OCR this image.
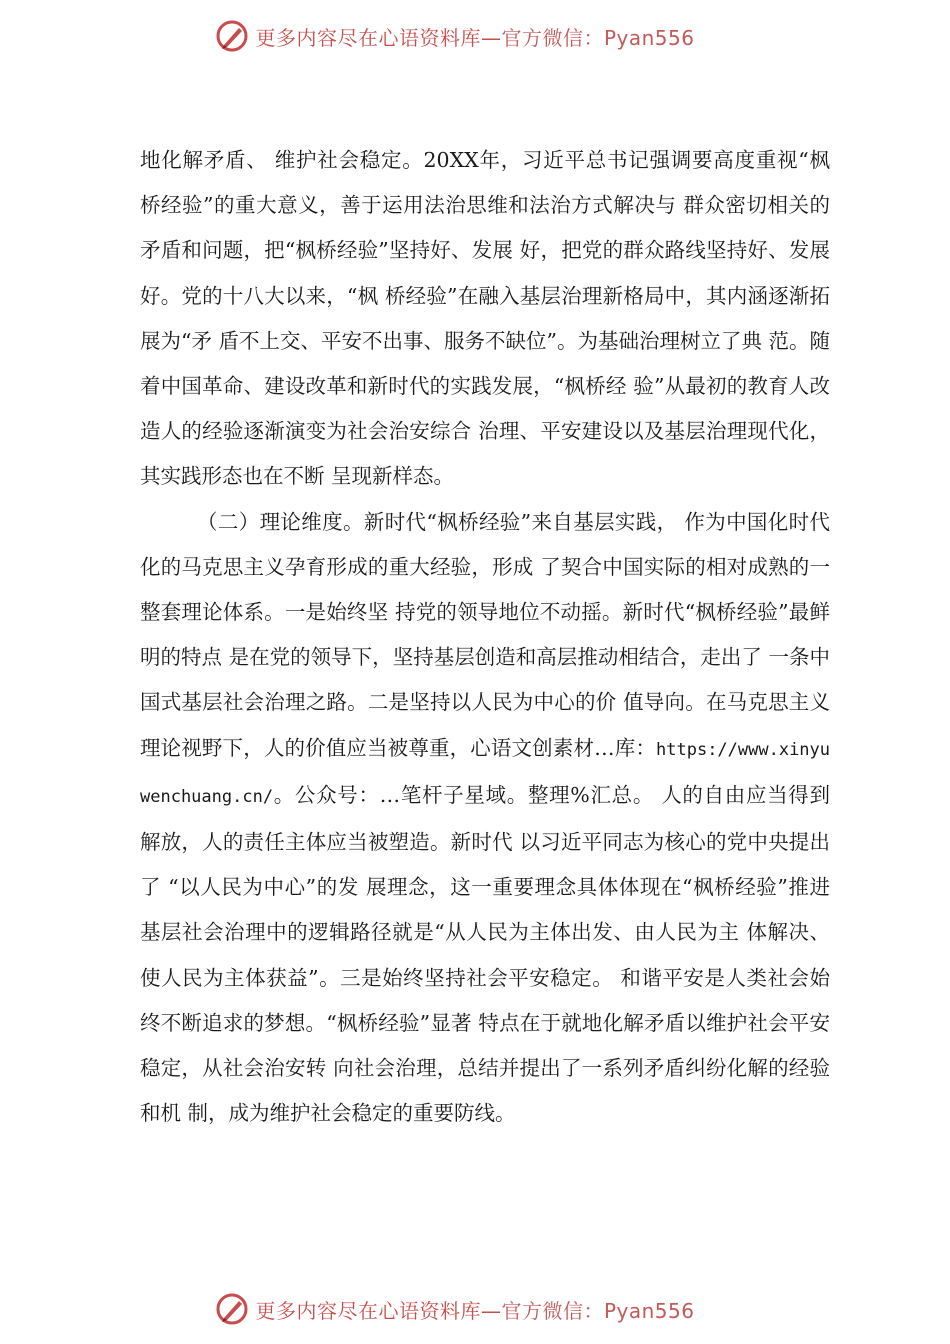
更多内容尽在心语资料库—官方微信：Pyan556

地化解矛盾、 维护社会稳定。20XX年，习近平总书记强调要高度重视“枫 桥经验”的重大意义，善于运用法治思维和法治方式解决与 群众密切相关的矛盾和问题，把“枫桥经验”坚持好、发展 好，把党的群众路线坚持好、发展好。党的十八大以来，“枫 桥经验”在融入基层治理新格局中，其内涵逐渐拓展为“矛 盾不上交、平安不出事、服务不缺位”。为基础治理树立了典 范。随着中国革命、建设改革和新时代的实践发展，“枫桥经 验”从最初的教育人改造人的经验逐渐演变为社会治安综合 治理、平安建设以及基层治理现代化，其实践形态也在不断 呈现新样态。

（二）理论维度。新时代“枫桥经验”来自基层实践， 作为中国化时代化的马克思主义孕育形成的重大经验，形成 了契合中国实际的相对成熟的一整套理论体系。一是始终坚 持党的领导地位不动摇。新时代“枫桥经验”最鲜明的特点 是在党的领导下，坚持基层创造和高层推动相结合，走出了 一条中国式基层社会治理之路。二是坚持以人民为中心的价 值导向。在马克思主义理论视野下，人的价值应当被尊重，心语文创素材…库：https://www.xinyuwenchuang.cn/。公众号：…笔杆子星域。整理%汇总。 人的自由应当得到解放，人的责任主体应当被塑造。新时代 以习近平同志为核心的党中央提出了 “以人民为中心”的发 展理念，这一重要理念具体体现在“枫桥经验”推进基层社会治理中的逻辑路径就是“从人民为主体出发、由人民为主 体解决、使人民为主体获益”。三是始终坚持社会平安稳定。 和谐平安是人类社会始终不断追求的梦想。“枫桥经验”显著 特点在于就地化解矛盾以维护社会平安稳定，从社会治安转 向社会治理，总结并提出了一系列矛盾纠纷化解的经验和机 制，成为维护社会稳定的重要防线。

更多内容尽在心语资料库—官方微信：Pyan556
